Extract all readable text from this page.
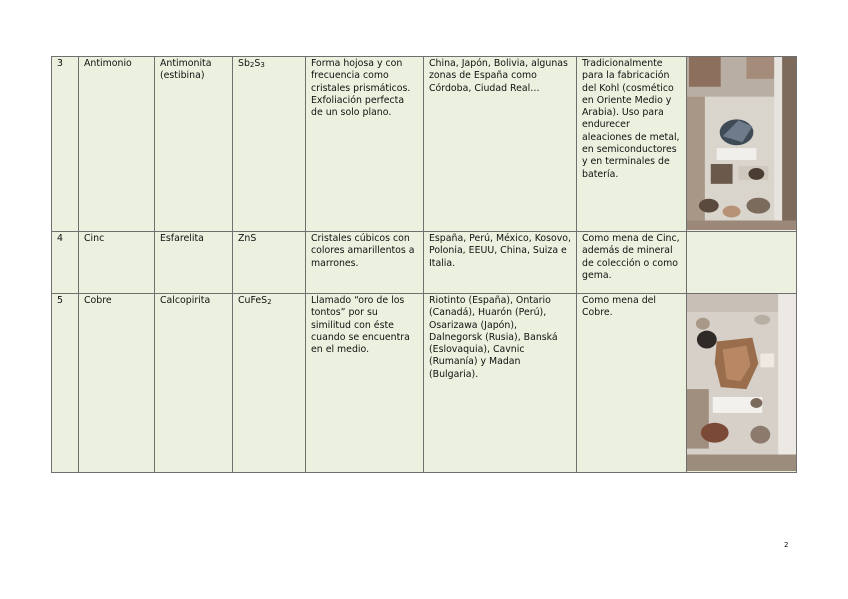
3	Antimonio	Antimonita (estibina)	$Sb_2S_3$	Forma hojosa y con frecuencia como cristales prismáticos. Exfoliación perfecta de un solo plano.	China, Japón, Bolivia, algunas zonas de España como Córdoba, Ciudad Real…	Tradicionalmente para la fabricación del Kohl (cosmético en Oriente Medio y Arabia). Uso para endurecer aleaciones de metal, en semiconductores y en terminales de batería.	

4	Cinc	Esfarelita	ZnS	Cristales cúbicos con colores amarillentos a marrones.	España, Perú, México, Kosovo, Polonia, EEUU, China, Suiza e Italia.	Como mena de Cinc, además de mineral de colección o como gema.	
5	Cobre	Calcopirita	CuFeS$_2$	Llamado “oro de los tontos” por su similitud con éste cuando se encuentra en el medio.	Riotinto (España), Ontario (Canadá), Huarón (Perú), Osarizawa (Japón), Dalnegorsk (Rusia), Banská (Eslovaquia), Cavnic (Rumanía) y Madan (Bulgaria).	Como mena del Cobre.	
2
